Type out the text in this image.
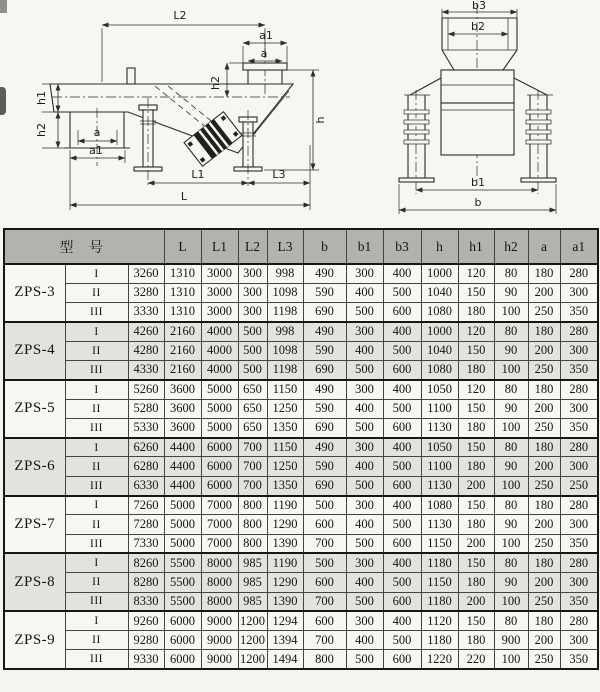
L2
a1
a
h2
h1
h2	a
a1
h
L1	L3
L
b3
b2
b1
b
型 号			L	L1	L2	L3	b	b1	b3	h	h1	h2	a	a1
ZPS-3	I	3260	1310	3000	300	998	490	300	400	1000	120	80	180	280
	II	3280	1310	3000	300	1098	590	400	500	1040	150	90	200	300
	III	3330	1310	3000	300	1198	690	500	600	1080	180	100	250	350
ZPS-4	I	4260	2160	4000	500	998	490	300	400	1000	120	80	180	280
	II	4280	2160	4000	500	1098	590	400	500	1040	150	90	200	300
	III	4330	2160	4000	500	1198	690	500	600	1080	180	100	250	350
ZPS-5	I	5260	3600	5000	650	1150	490	300	400	1050	120	80	180	280
	II	5280	3600	5000	650	1250	590	400	500	1100	150	90	200	300
	III	5330	3600	5000	650	1350	690	500	600	1130	180	100	250	350
ZPS-6	I	6260	4400	6000	700	1150	490	300	400	1050	150	80	180	280
	II	6280	4400	6000	700	1250	590	400	500	1100	180	90	200	300
	III	6330	4400	6000	700	1350	690	500	600	1130	200	100	250	250
ZPS-7	I	7260	5000	7000	800	1190	500	300	400	1080	150	80	180	280
	II	7280	5000	7000	800	1290	600	400	500	1130	180	90	200	300
	III	7330	5000	7000	800	1390	700	500	600	1150	200	100	250	350
ZPS-8	I	8260	5500	8000	985	1190	500	300	400	1180	150	80	180	280
	II	8280	5500	8000	985	1290	600	400	500	1150	180	90	200	300
	III	8330	5500	8000	985	1390	700	500	600	1180	200	100	250	350
ZPS-9	I	9260	6000	9000	1200	1294	600	300	400	1120	150	80	180	280
	II	9280	6000	9000	1200	1394	700	400	500	1180	180	900	200	300
	III	9330	6000	9000	1200	1494	800	500	600	1220	220	100	250	350
